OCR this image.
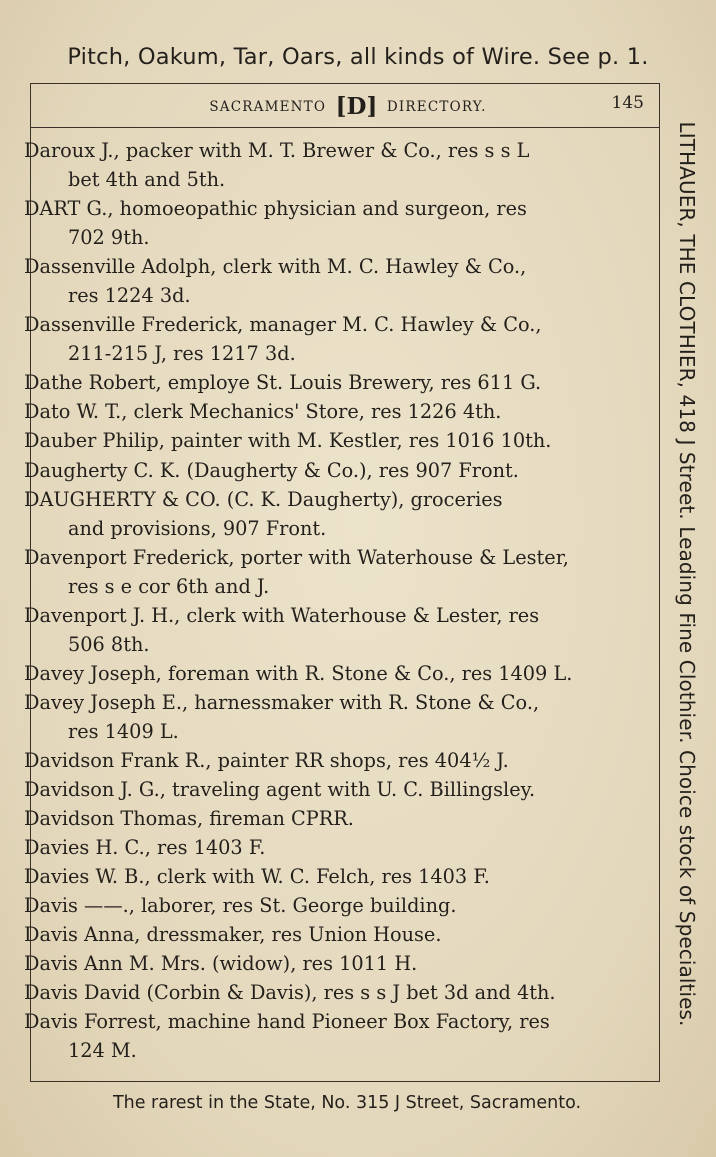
Pitch, Oakum, Tar, Oars, all kinds of Wire. See p. 1.
SACRAMENTO [D] DIRECTORY.	145
Daroux J., packer with M. T. Brewer & Co., res s s L
bet 4th and 5th.
DART G., homoeopathic physician and surgeon, res
702 9th.
Dassenville Adolph, clerk with M. C. Hawley & Co.,
res 1224 3d.
Dassenville Frederick, manager M. C. Hawley & Co.,
211-215 J, res 1217 3d.
Dathe Robert, employe St. Louis Brewery, res 611 G.
Dato W. T., clerk Mechanics' Store, res 1226 4th.
Dauber Philip, painter with M. Kestler, res 1016 10th.
Daugherty C. K. (Daugherty & Co.), res 907 Front.
DAUGHERTY & CO. (C. K. Daugherty), groceries
and provisions, 907 Front.
Davenport Frederick, porter with Waterhouse & Lester,
res s e cor 6th and J.
Davenport J. H., clerk with Waterhouse & Lester, res
506 8th.
Davey Joseph, foreman with R. Stone & Co., res 1409 L.
Davey Joseph E., harnessmaker with R. Stone & Co.,
res 1409 L.
Davidson Frank R., painter RR shops, res 404½ J.
Davidson J. G., traveling agent with U. C. Billingsley.
Davidson Thomas, fireman CPRR.
Davies H. C., res 1403 F.
Davies W. B., clerk with W. C. Felch, res 1403 F.
Davis ——., laborer, res St. George building.
Davis Anna, dressmaker, res Union House.
Davis Ann M. Mrs. (widow), res 1011 H.
Davis David (Corbin & Davis), res s s J bet 3d and 4th.
Davis Forrest, machine hand Pioneer Box Factory, res
124 M.
LITHAUER, THE CLOTHIER, 418 J Street. Leading Fine Clothier. Choice stock of Specialties.
The rarest in the State, No. 315 J Street, Sacramento.
